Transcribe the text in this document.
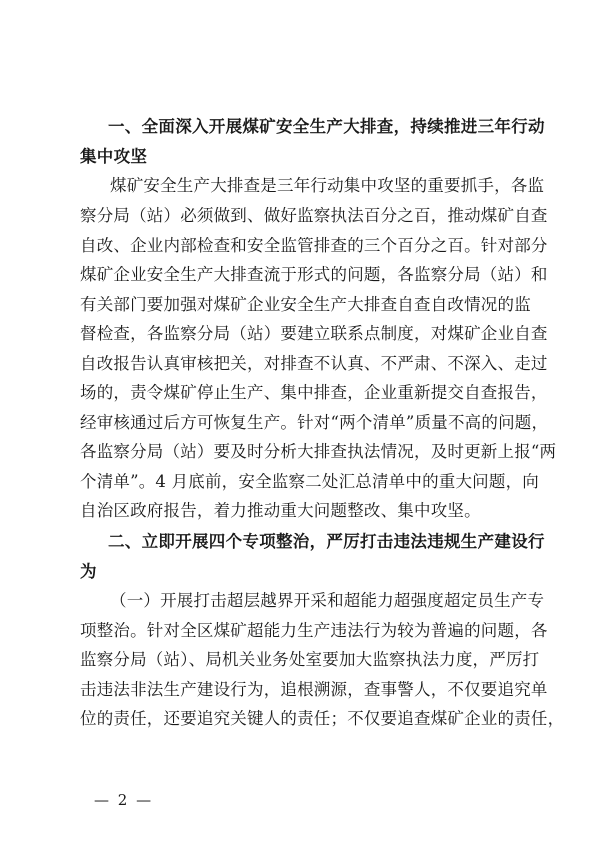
一、全面深入开展煤矿安全生产大排查，持续推进三年行动
集中攻坚
煤矿安全生产大排查是三年行动集中攻坚的重要抓手，各监
察分局（站）必须做到、做好监察执法百分之百，推动煤矿自查
自改、企业内部检查和安全监管排查的三个百分之百。针对部分
煤矿企业安全生产大排查流于形式的问题，各监察分局（站）和
有关部门要加强对煤矿企业安全生产大排查自查自改情况的监
督检查，各监察分局（站）要建立联系点制度，对煤矿企业自查
自改报告认真审核把关，对排查不认真、不严肃、不深入、走过
场的，责令煤矿停止生产、集中排查，企业重新提交自查报告，
经审核通过后方可恢复生产。针对“两个清单”质量不高的问题，
各监察分局（站）要及时分析大排查执法情况，及时更新上报“两
个清单”。4 月底前，安全监察二处汇总清单中的重大问题，向
自治区政府报告，着力推动重大问题整改、集中攻坚。
二、立即开展四个专项整治，严厉打击违法违规生产建设行
为
（一）开展打击超层越界开采和超能力超强度超定员生产专
项整治。针对全区煤矿超能力生产违法行为较为普遍的问题，各
监察分局（站）、局机关业务处室要加大监察执法力度，严厉打
击违法非法生产建设行为，追根溯源，查事警人，不仅要追究单
位的责任，还要追究关键人的责任；不仅要追查煤矿企业的责任，
— 2 —
